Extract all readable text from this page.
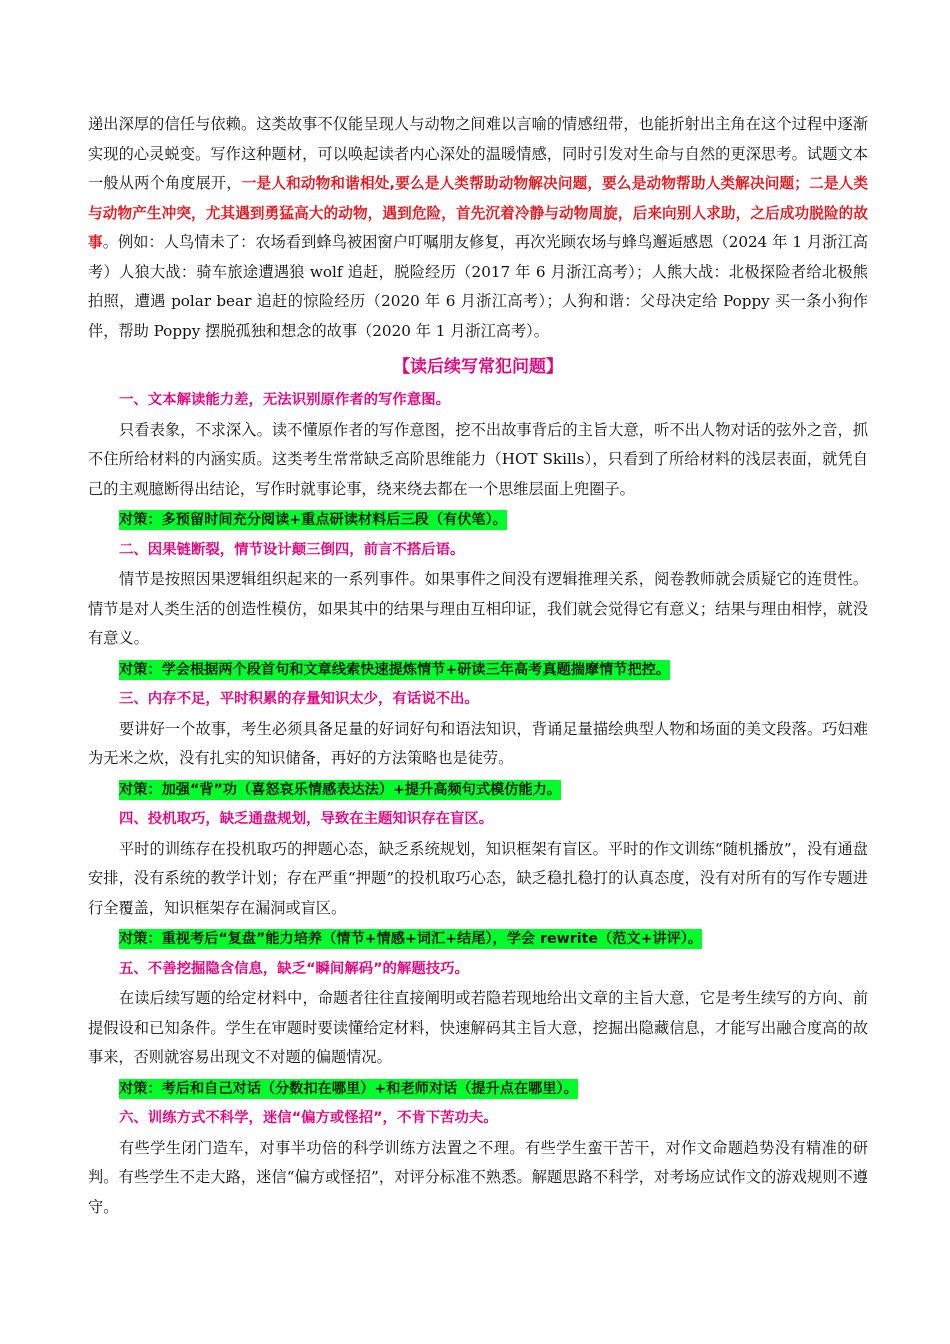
递出深厚的信任与依赖。这类故事不仅能呈现人与动物之间难以言喻的情感纽带，也能折射出主角在这个过程中逐渐实现的心灵蜕变。写作这种题材，可以唤起读者内心深处的温暖情感，同时引发对生命与自然的更深思考。试题文本一般从两个角度展开，一是人和动物和谐相处,要么是人类帮助动物解决问题，要么是动物帮助人类解决问题；二是人类与动物产生冲突，尤其遇到勇猛高大的动物，遇到危险，首先沉着冷静与动物周旋，后来向别人求助，之后成功脱险的故事。例如：人鸟情未了：农场看到蜂鸟被困窗户叮嘱朋友修复，再次光顾农场与蜂鸟邂逅感恩（2024 年 1 月浙江高考）人狼大战：骑车旅途遭遇狼 wolf 追赶，脱险经历（2017 年 6 月浙江高考）；人熊大战：北极探险者给北极熊拍照，遭遇 polar bear 追赶的惊险经历（2020 年 6 月浙江高考）；人狗和谐：父母决定给 Poppy 买一条小狗作伴，帮助 Poppy 摆脱孤独和想念的故事（2020 年 1 月浙江高考）。

【读后续写常犯问题】

一、文本解读能力差，无法识别原作者的写作意图。

只看表象，不求深入。读不懂原作者的写作意图，挖不出故事背后的主旨大意，听不出人物对话的弦外之音，抓不住所给材料的内涵实质。这类考生常常缺乏高阶思维能力（HOT Skills），只看到了所给材料的浅层表面，就凭自己的主观臆断得出结论，写作时就事论事，绕来绕去都在一个思维层面上兜圈子。

对策：多预留时间充分阅读+重点研读材料后三段（有伏笔）。

二、因果链断裂，情节设计颠三倒四，前言不搭后语。

情节是按照因果逻辑组织起来的一系列事件。如果事件之间没有逻辑推理关系，阅卷教师就会质疑它的连贯性。情节是对人类生活的创造性模仿，如果其中的结果与理由互相印证，我们就会觉得它有意义；结果与理由相悖，就没有意义。

对策：学会根据两个段首句和文章线索快速提炼情节+研读三年高考真题揣摩情节把控。

三、内存不足，平时积累的存量知识太少，有话说不出。

要讲好一个故事，考生必须具备足量的好词好句和语法知识，背诵足量描绘典型人物和场面的美文段落。巧妇难为无米之炊，没有扎实的知识储备，再好的方法策略也是徒劳。

对策：加强“背”功（喜怒哀乐情感表达法）+提升高频句式模仿能力。

四、投机取巧，缺乏通盘规划，导致在主题知识存在盲区。

平时的训练存在投机取巧的押题心态，缺乏系统规划，知识框架有盲区。平时的作文训练“随机播放”，没有通盘安排，没有系统的教学计划；存在严重“押题”的投机取巧心态，缺乏稳扎稳打的认真态度，没有对所有的写作专题进行全覆盖，知识框架存在漏洞或盲区。

对策：重视考后“复盘”能力培养（情节+情感+词汇+结尾），学会 rewrite（范文+讲评）。

五、不善挖掘隐含信息，缺乏“瞬间解码”的解题技巧。

在读后续写题的给定材料中，命题者往往直接阐明或若隐若现地给出文章的主旨大意，它是考生续写的方向、前提假设和已知条件。学生在审题时要读懂给定材料，快速解码其主旨大意，挖掘出隐藏信息，才能写出融合度高的故事来，否则就容易出现文不对题的偏题情况。

对策：考后和自己对话（分数扣在哪里）+和老师对话（提升点在哪里）。

六、训练方式不科学，迷信“偏方或怪招”，不肯下苦功夫。

有些学生闭门造车，对事半功倍的科学训练方法置之不理。有些学生蛮干苦干，对作文命题趋势没有精准的研判。有些学生不走大路，迷信“偏方或怪招”，对评分标准不熟悉。解题思路不科学，对考场应试作文的游戏规则不遵守。
